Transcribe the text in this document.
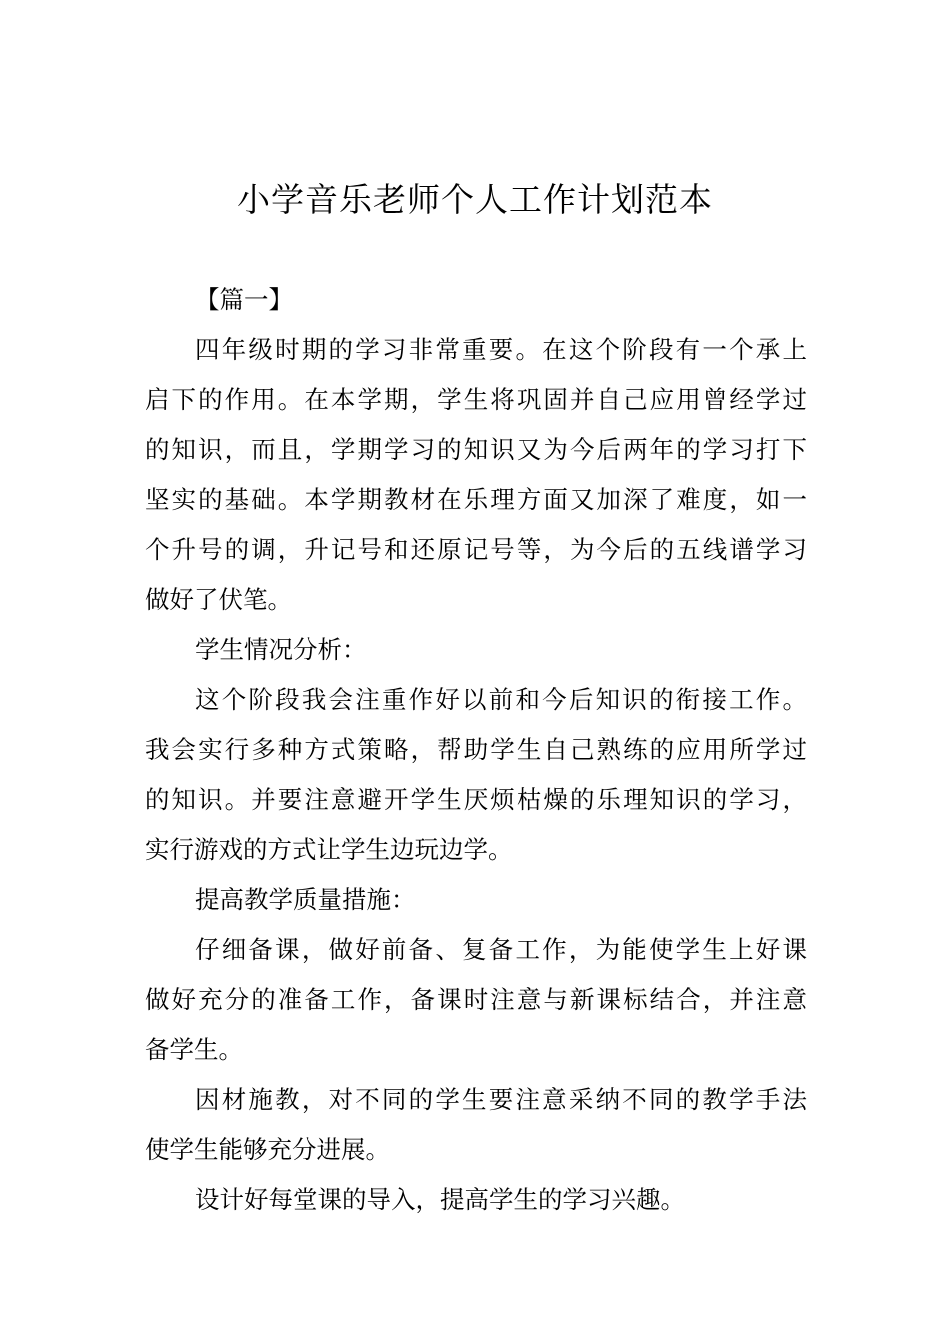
小学音乐老师个人工作计划范本
【篇一】
四年级时期的学习非常重要。在这个阶段有一个承上
启下的作用。在本学期，学生将巩固并自己应用曾经学过
的知识，而且，学期学习的知识又为今后两年的学习打下
坚实的基础。本学期教材在乐理方面又加深了难度，如一
个升号的调，升记号和还原记号等，为今后的五线谱学习
做好了伏笔。
学生情况分析：
这个阶段我会注重作好以前和今后知识的衔接工作。
我会实行多种方式策略，帮助学生自己熟练的应用所学过
的知识。并要注意避开学生厌烦枯燥的乐理知识的学习，
实行游戏的方式让学生边玩边学。
提高教学质量措施：
仔细备课，做好前备、复备工作，为能使学生上好课
做好充分的准备工作，备课时注意与新课标结合，并注意
备学生。
因材施教，对不同的学生要注意采纳不同的教学手法
使学生能够充分进展。
设计好每堂课的导入，提高学生的学习兴趣。
